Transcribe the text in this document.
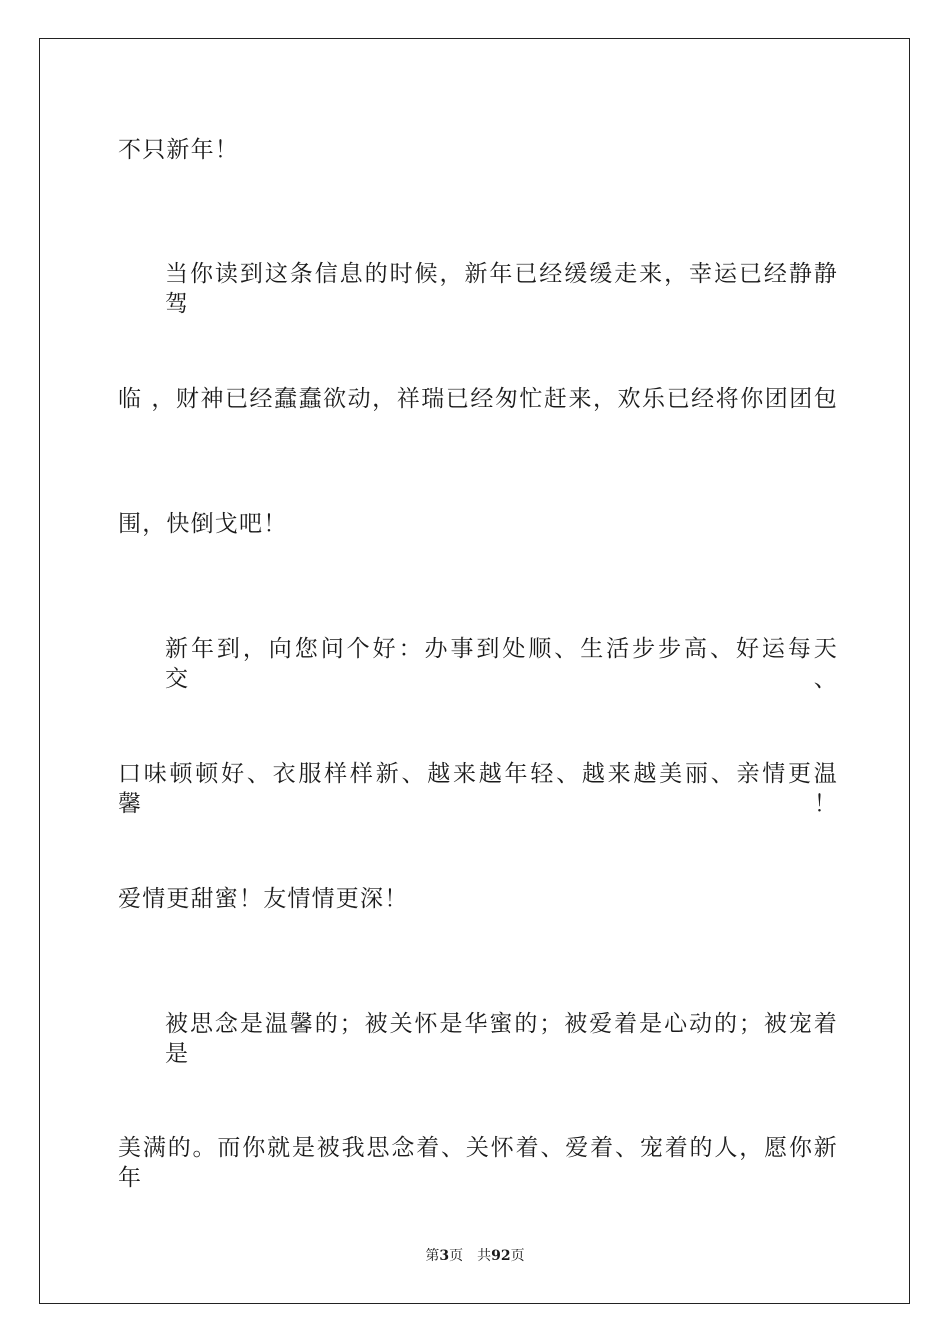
不只新年！
当你读到这条信息的时候，新年已经缓缓走来，幸运已经静静驾
临 ，财神已经蠢蠢欲动，祥瑞已经匆忙赶来，欢乐已经将你团团包
围，快倒戈吧！
新年到，向您问个好：办事到处顺、生活步步高、好运每天交、
口味顿顿好、衣服样样新、越来越年轻、越来越美丽、亲情更温馨！
爱情更甜蜜！友情情更深！
被思念是温馨的；被关怀是华蜜的；被爱着是心动的；被宠着是
美满的。而你就是被我思念着、关怀着、爱着、宠着的人，愿你新年
第3页 共92页
